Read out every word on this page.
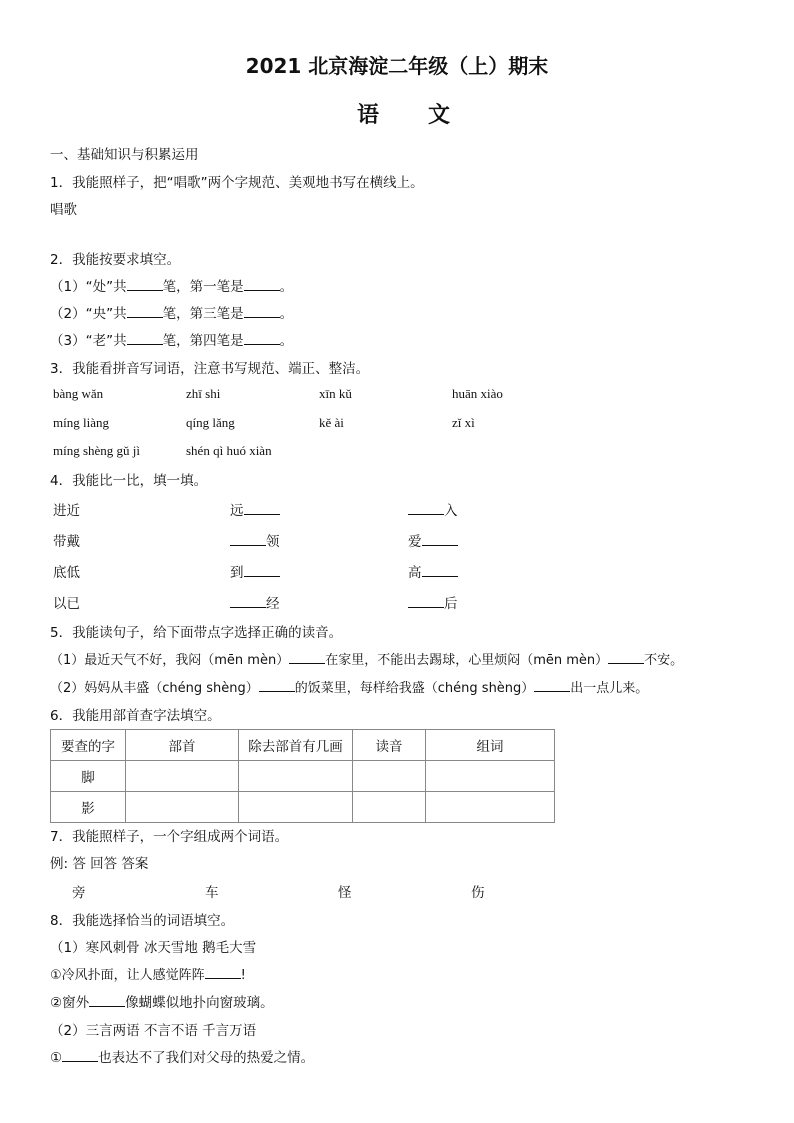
2021 北京海淀二年级（上）期末
语 文
一、基础知识与积累运用
1．我能照样子，把“唱歌”两个字规范、美观地书写在横线上。
唱歌
2．我能按要求填空。
（1）“处”共	笔，第一笔是	。
（2）“央”共	笔，第三笔是	。
（3）“老”共	笔，第四笔是	。
3．我能看拼音写词语，注意书写规范、端正、整洁。
bàng wǎn	zhī shi	xīn kǔ	huān xiào
míng liàng	qíng lǎng	kě ài	zǐ xì
míng shèng gǔ jì	shén qì huó xiàn
4．我能比一比，填一填。
进近	远	入
带戴	领	爱
底低	到	高
以已	经	后
5．我能读句子，给下面带点字选择正确的读音。
（1）最近天气不好，我闷（mēn mèn）	在家里，不能出去踢球，心里烦闷（mēn mèn）	不安。
（2）妈妈从丰盛（chéng shèng）	的饭菜里，每样给我盛（chéng shèng）	出一点儿来。
6．我能用部首查字法填空。
要查的字	部首	除去部首有几画	读音	组词
脚				
影				
7．我能照样子，一个字组成两个词语。
例: 答 回答 答案
旁	车	怪	伤
8．我能选择恰当的词语填空。
（1）寒风刺骨 冰天雪地 鹅毛大雪
①冷风扑面，让人感觉阵阵	!
②窗外	像蝴蝶似地扑向窗玻璃。
（2）三言两语 不言不语 千言万语
①	也表达不了我们对父母的热爱之情。
